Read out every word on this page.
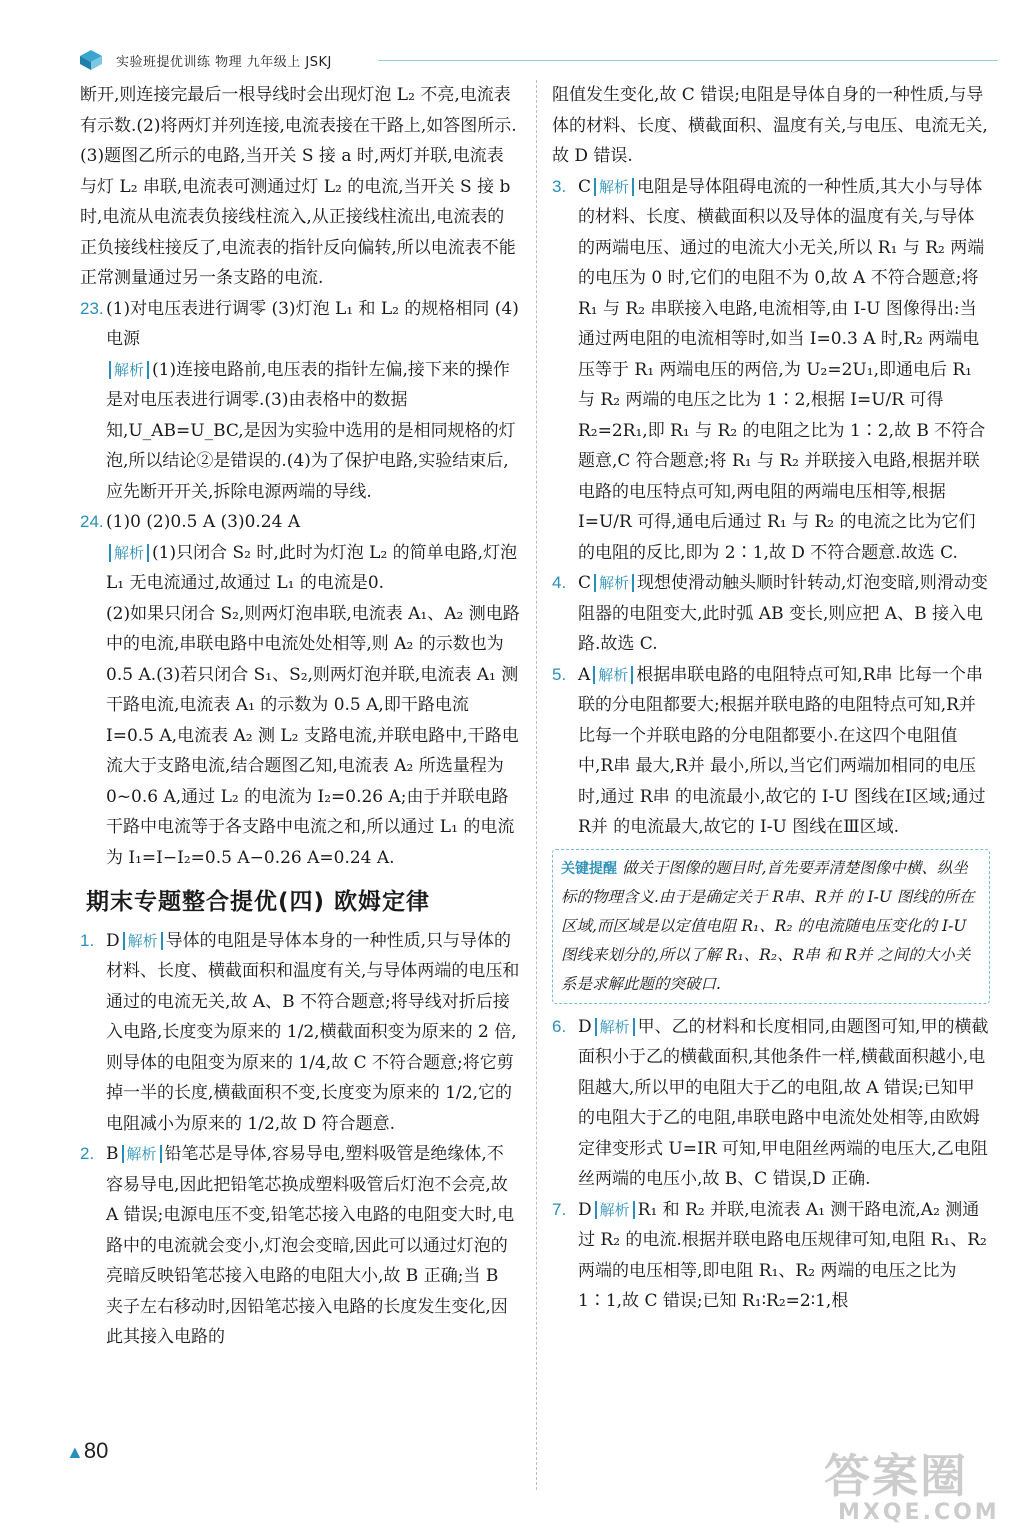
实验班提优训练 物理 九年级上 JSKJ

断开,则连接完最后一根导线时会出现灯泡 L₂ 不亮,电流表有示数.(2)将两灯并列连接,电流表接在干路上,如答图所示.(3)题图乙所示的电路,当开关 S 接 a 时,两灯并联,电流表与灯 L₂ 串联,电流表可测通过灯 L₂ 的电流,当开关 S 接 b 时,电流从电流表负接线柱流入,从正接线柱流出,电流表的正负接线柱接反了,电流表的指针反向偏转,所以电流表不能正常测量通过另一条支路的电流.

23. (1)对电压表进行调零 (3)灯泡 L₁ 和 L₂ 的规格相同 (4)电源

解析 (1)连接电路前,电压表的指针左偏,接下来的操作是对电压表进行调零.(3)由表格中的数据知,U_AB=U_BC,是因为实验中选用的是相同规格的灯泡,所以结论②是错误的.(4)为了保护电路,实验结束后,应先断开开关,拆除电源两端的导线.

24. (1)0 (2)0.5 A (3)0.24 A

解析 (1)只闭合 S₂ 时,此时为灯泡 L₂ 的简单电路,灯泡 L₁ 无电流通过,故通过 L₁ 的电流是0.

(2)如果只闭合 S₂,则两灯泡串联,电流表 A₁、A₂ 测电路中的电流,串联电路中电流处处相等,则 A₂ 的示数也为 0.5 A.(3)若只闭合 S₁、S₂,则两灯泡并联,电流表 A₁ 测干路电流,电流表 A₁ 的示数为 0.5 A,即干路电流 I=0.5 A,电流表 A₂ 测 L₂ 支路电流,并联电路中,干路电流大于支路电流,结合题图乙知,电流表 A₂ 所选量程为 0~0.6 A,通过 L₂ 的电流为 I₂=0.26 A;由于并联电路干路中电流等于各支路中电流之和,所以通过 L₁ 的电流为 I₁=I−I₂=0.5 A−0.26 A=0.24 A.

期末专题整合提优(四) 欧姆定律
1. D 解析 导体的电阻是导体本身的一种性质,只与导体的材料、长度、横截面积和温度有关,与导体两端的电压和通过的电流无关,故 A、B 不符合题意;将导线对折后接入电路,长度变为原来的 1/2,横截面积变为原来的 2 倍,则导体的电阻变为原来的 1/4,故 C 不符合题意;将它剪掉一半的长度,横截面积不变,长度变为原来的 1/2,它的电阻减小为原来的 1/2,故 D 符合题意.

2. B 解析 铅笔芯是导体,容易导电,塑料吸管是绝缘体,不容易导电,因此把铅笔芯换成塑料吸管后灯泡不会亮,故 A 错误;电源电压不变,铅笔芯接入电路的电阻变大时,电路中的电流就会变小,灯泡会变暗,因此可以通过灯泡的亮暗反映铅笔芯接入电路的电阻大小,故 B 正确;当 B 夹子左右移动时,因铅笔芯接入电路的长度发生变化,因此其接入电路的

阻值发生变化,故 C 错误;电阻是导体自身的一种性质,与导体的材料、长度、横截面积、温度有关,与电压、电流无关,故 D 错误.

3. C 解析 电阻是导体阻碍电流的一种性质,其大小与导体的材料、长度、横截面积以及导体的温度有关,与导体的两端电压、通过的电流大小无关,所以 R₁ 与 R₂ 两端的电压为 0 时,它们的电阻不为 0,故 A 不符合题意;将 R₁ 与 R₂ 串联接入电路,电流相等,由 I-U 图像得出:当通过两电阻的电流相等时,如当 I=0.3 A 时,R₂ 两端电压等于 R₁ 两端电压的两倍,为 U₂=2U₁,即通电后 R₁ 与 R₂ 两端的电压之比为 1∶2,根据 I=U/R 可得 R₂=2R₁,即 R₁ 与 R₂ 的电阻之比为 1∶2,故 B 不符合题意,C 符合题意;将 R₁ 与 R₂ 并联接入电路,根据并联电路的电压特点可知,两电阻的两端电压相等,根据 I=U/R 可得,通电后通过 R₁ 与 R₂ 的电流之比为它们的电阻的反比,即为 2∶1,故 D 不符合题意.故选 C.

4. C 解析 现想使滑动触头顺时针转动,灯泡变暗,则滑动变阻器的电阻变大,此时弧 AB 变长,则应把 A、B 接入电路.故选 C.

5. A 解析 根据串联电路的电阻特点可知,R串 比每一个串联的分电阻都要大;根据并联电路的电阻特点可知,R并 比每一个并联电路的分电阻都要小.在这四个电阻值中,R串 最大,R并 最小,所以,当它们两端加相同的电压时,通过 R串 的电流最小,故它的 I-U 图线在Ⅰ区域;通过 R并 的电流最大,故它的 I-U 图线在Ⅲ区域.

关键提醒 做关于图像的题目时,首先要弄清楚图像中横、纵坐标的物理含义.由于是确定关于 R串、R并 的 I-U 图线的所在区域,而区域是以定值电阻 R₁、R₂ 的电流随电压变化的 I-U 图线来划分的,所以了解 R₁、R₂、R串 和 R并 之间的大小关系是求解此题的突破口.
6. D 解析 甲、乙的材料和长度相同,由题图可知,甲的横截面积小于乙的横截面积,其他条件一样,横截面积越小,电阻越大,所以甲的电阻大于乙的电阻,故 A 错误;已知甲的电阻大于乙的电阻,串联电路中电流处处相等,由欧姆定律变形式 U=IR 可知,甲电阻丝两端的电压大,乙电阻丝两端的电压小,故 B、C 错误,D 正确.

7. D 解析 R₁ 和 R₂ 并联,电流表 A₁ 测干路电流,A₂ 测通过 R₂ 的电流.根据并联电路电压规律可知,电阻 R₁、R₂ 两端的电压相等,即电阻 R₁、R₂ 两端的电压之比为 1∶1,故 C 错误;已知 R₁∶R₂=2∶1,根

▲80	答案圈
MXQE.COM
